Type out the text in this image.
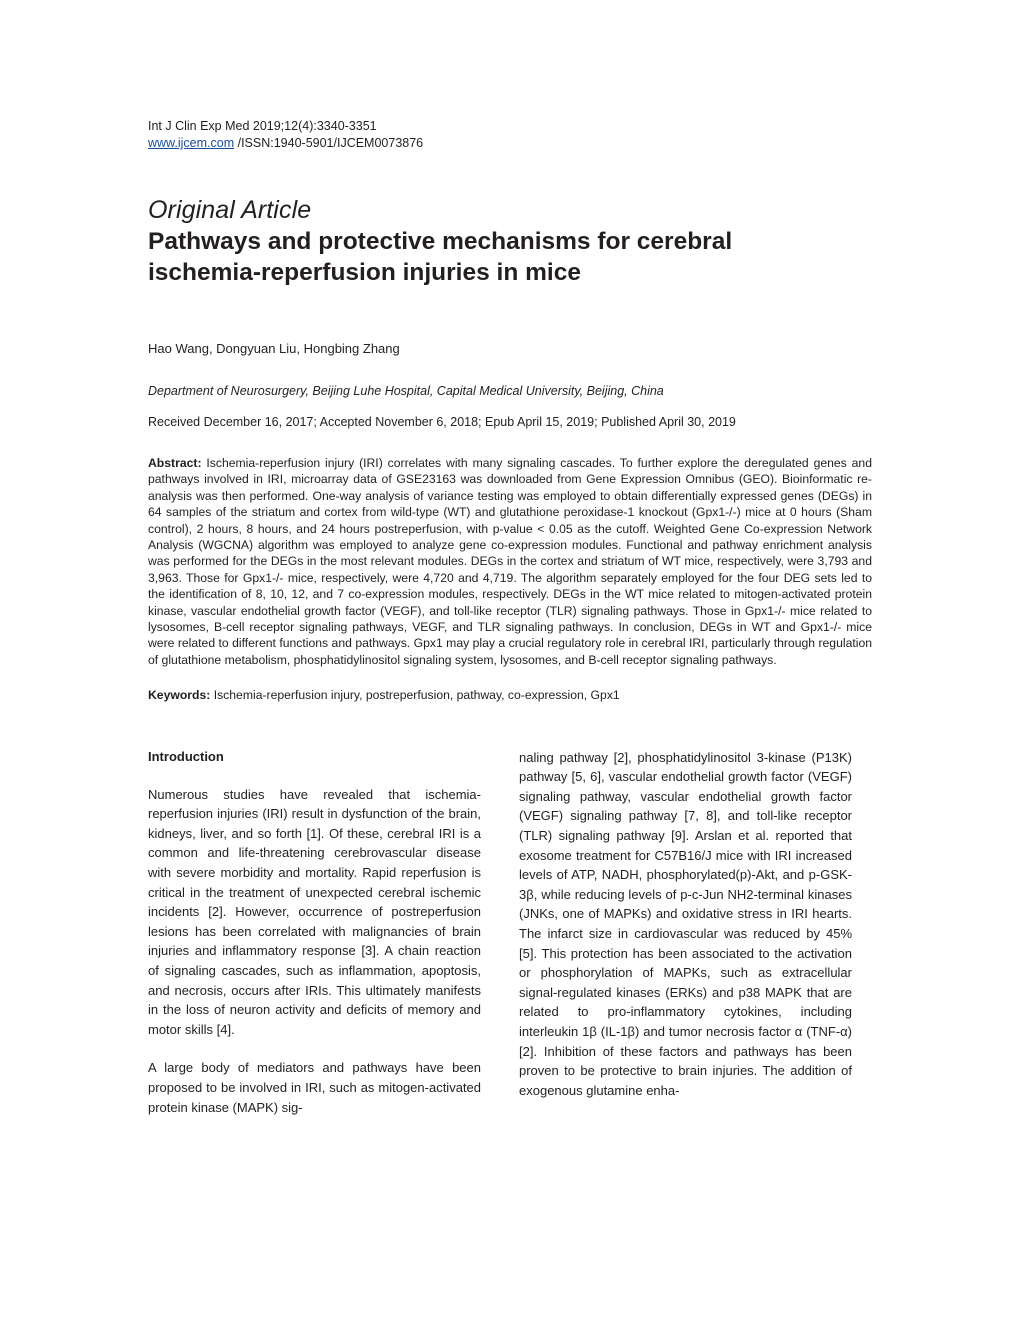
Int J Clin Exp Med 2019;12(4):3340-3351
www.ijcem.com /ISSN:1940-5901/IJCEM0073876
Original Article
Pathways and protective mechanisms for cerebral ischemia-reperfusion injuries in mice
Hao Wang, Dongyuan Liu, Hongbing Zhang
Department of Neurosurgery, Beijing Luhe Hospital, Capital Medical University, Beijing, China
Received December 16, 2017; Accepted November 6, 2018; Epub April 15, 2019; Published April 30, 2019
Abstract: Ischemia-reperfusion injury (IRI) correlates with many signaling cascades. To further explore the deregulated genes and pathways involved in IRI, microarray data of GSE23163 was downloaded from Gene Expression Omnibus (GEO). Bioinformatic re-analysis was then performed. One-way analysis of variance testing was employed to obtain differentially expressed genes (DEGs) in 64 samples of the striatum and cortex from wild-type (WT) and glutathione peroxidase-1 knockout (Gpx1-/-) mice at 0 hours (Sham control), 2 hours, 8 hours, and 24 hours postreperfusion, with p-value < 0.05 as the cutoff. Weighted Gene Co-expression Network Analysis (WGCNA) algorithm was employed to analyze gene co-expression modules. Functional and pathway enrichment analysis was performed for the DEGs in the most relevant modules. DEGs in the cortex and striatum of WT mice, respectively, were 3,793 and 3,963. Those for Gpx1-/- mice, respectively, were 4,720 and 4,719. The algorithm separately employed for the four DEG sets led to the identification of 8, 10, 12, and 7 co-expression modules, respectively. DEGs in the WT mice related to mitogen-activated protein kinase, vascular endothelial growth factor (VEGF), and toll-like receptor (TLR) signaling pathways. Those in Gpx1-/- mice related to lysosomes, B-cell receptor signaling pathways, VEGF, and TLR signaling pathways. In conclusion, DEGs in WT and Gpx1-/- mice were related to different functions and pathways. Gpx1 may play a crucial regulatory role in cerebral IRI, particularly through regulation of glutathione metabolism, phosphatidylinositol signaling system, lysosomes, and B-cell receptor signaling pathways.
Keywords: Ischemia-reperfusion injury, postreperfusion, pathway, co-expression, Gpx1
Introduction

Numerous studies have revealed that ischemia-reperfusion injuries (IRI) result in dysfunction of the brain, kidneys, liver, and so forth [1]. Of these, cerebral IRI is a common and life-threatening cerebrovascular disease with severe morbidity and mortality. Rapid reperfusion is critical in the treatment of unexpected cerebral ischemic incidents [2]. However, occurrence of postreperfusion lesions has been correlated with malignancies of brain injuries and inflammatory response [3]. A chain reaction of signaling cascades, such as inflammation, apoptosis, and necrosis, occurs after IRIs. This ultimately manifests in the loss of neuron activity and deficits of memory and motor skills [4].

A large body of mediators and pathways have been proposed to be involved in IRI, such as mitogen-activated protein kinase (MAPK) sig-

naling pathway [2], phosphatidylinositol 3-kinase (P13K) pathway [5, 6], vascular endothelial growth factor (VEGF) signaling pathway, vascular endothelial growth factor (VEGF) signaling pathway [7, 8], and toll-like receptor (TLR) signaling pathway [9]. Arslan et al. reported that exosome treatment for C57B16/J mice with IRI increased levels of ATP, NADH, phosphorylated(p)-Akt, and p-GSK-3β, while reducing levels of p-c-Jun NH2-terminal kinases (JNKs, one of MAPKs) and oxidative stress in IRI hearts. The infarct size in cardiovascular was reduced by 45% [5]. This protection has been associated to the activation or phosphorylation of MAPKs, such as extracellular signal-regulated kinases (ERKs) and p38 MAPK that are related to pro-inflammatory cytokines, including interleukin 1β (IL-1β) and tumor necrosis factor α (TNF-α) [2]. Inhibition of these factors and pathways has been proven to be protective to brain injuries. The addition of exogenous glutamine enha-
